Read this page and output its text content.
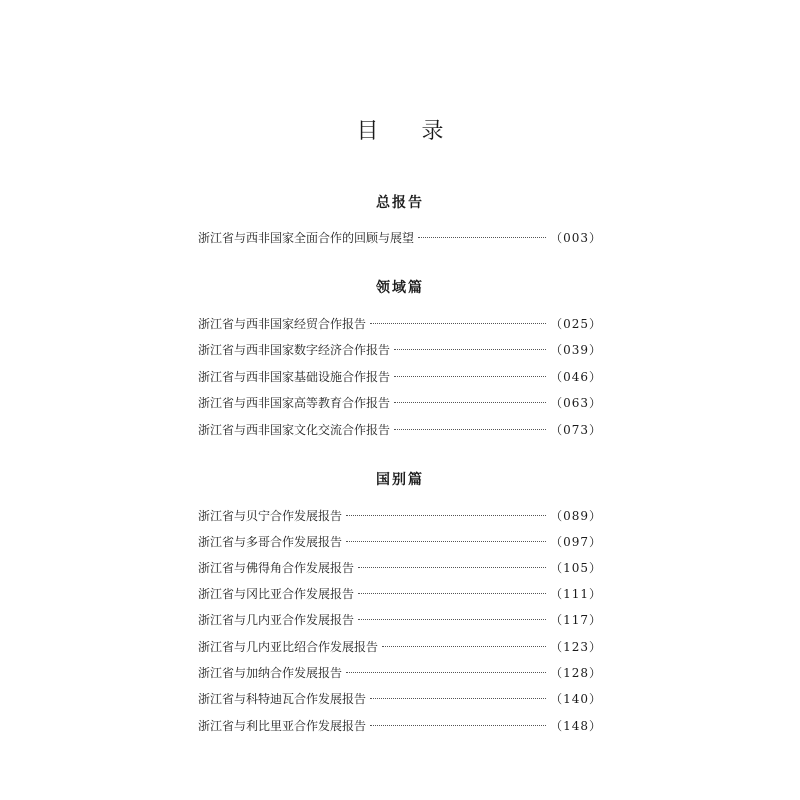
目 录
总报告
浙江省与西非国家全面合作的回顾与展望	（003）
领域篇
浙江省与西非国家经贸合作报告	（025）
浙江省与西非国家数字经济合作报告	（039）
浙江省与西非国家基础设施合作报告	（046）
浙江省与西非国家高等教育合作报告	（063）
浙江省与西非国家文化交流合作报告	（073）
国别篇
浙江省与贝宁合作发展报告	（089）
浙江省与多哥合作发展报告	（097）
浙江省与佛得角合作发展报告	（105）
浙江省与冈比亚合作发展报告	（111）
浙江省与几内亚合作发展报告	（117）
浙江省与几内亚比绍合作发展报告	（123）
浙江省与加纳合作发展报告	（128）
浙江省与科特迪瓦合作发展报告	（140）
浙江省与利比里亚合作发展报告	（148）
